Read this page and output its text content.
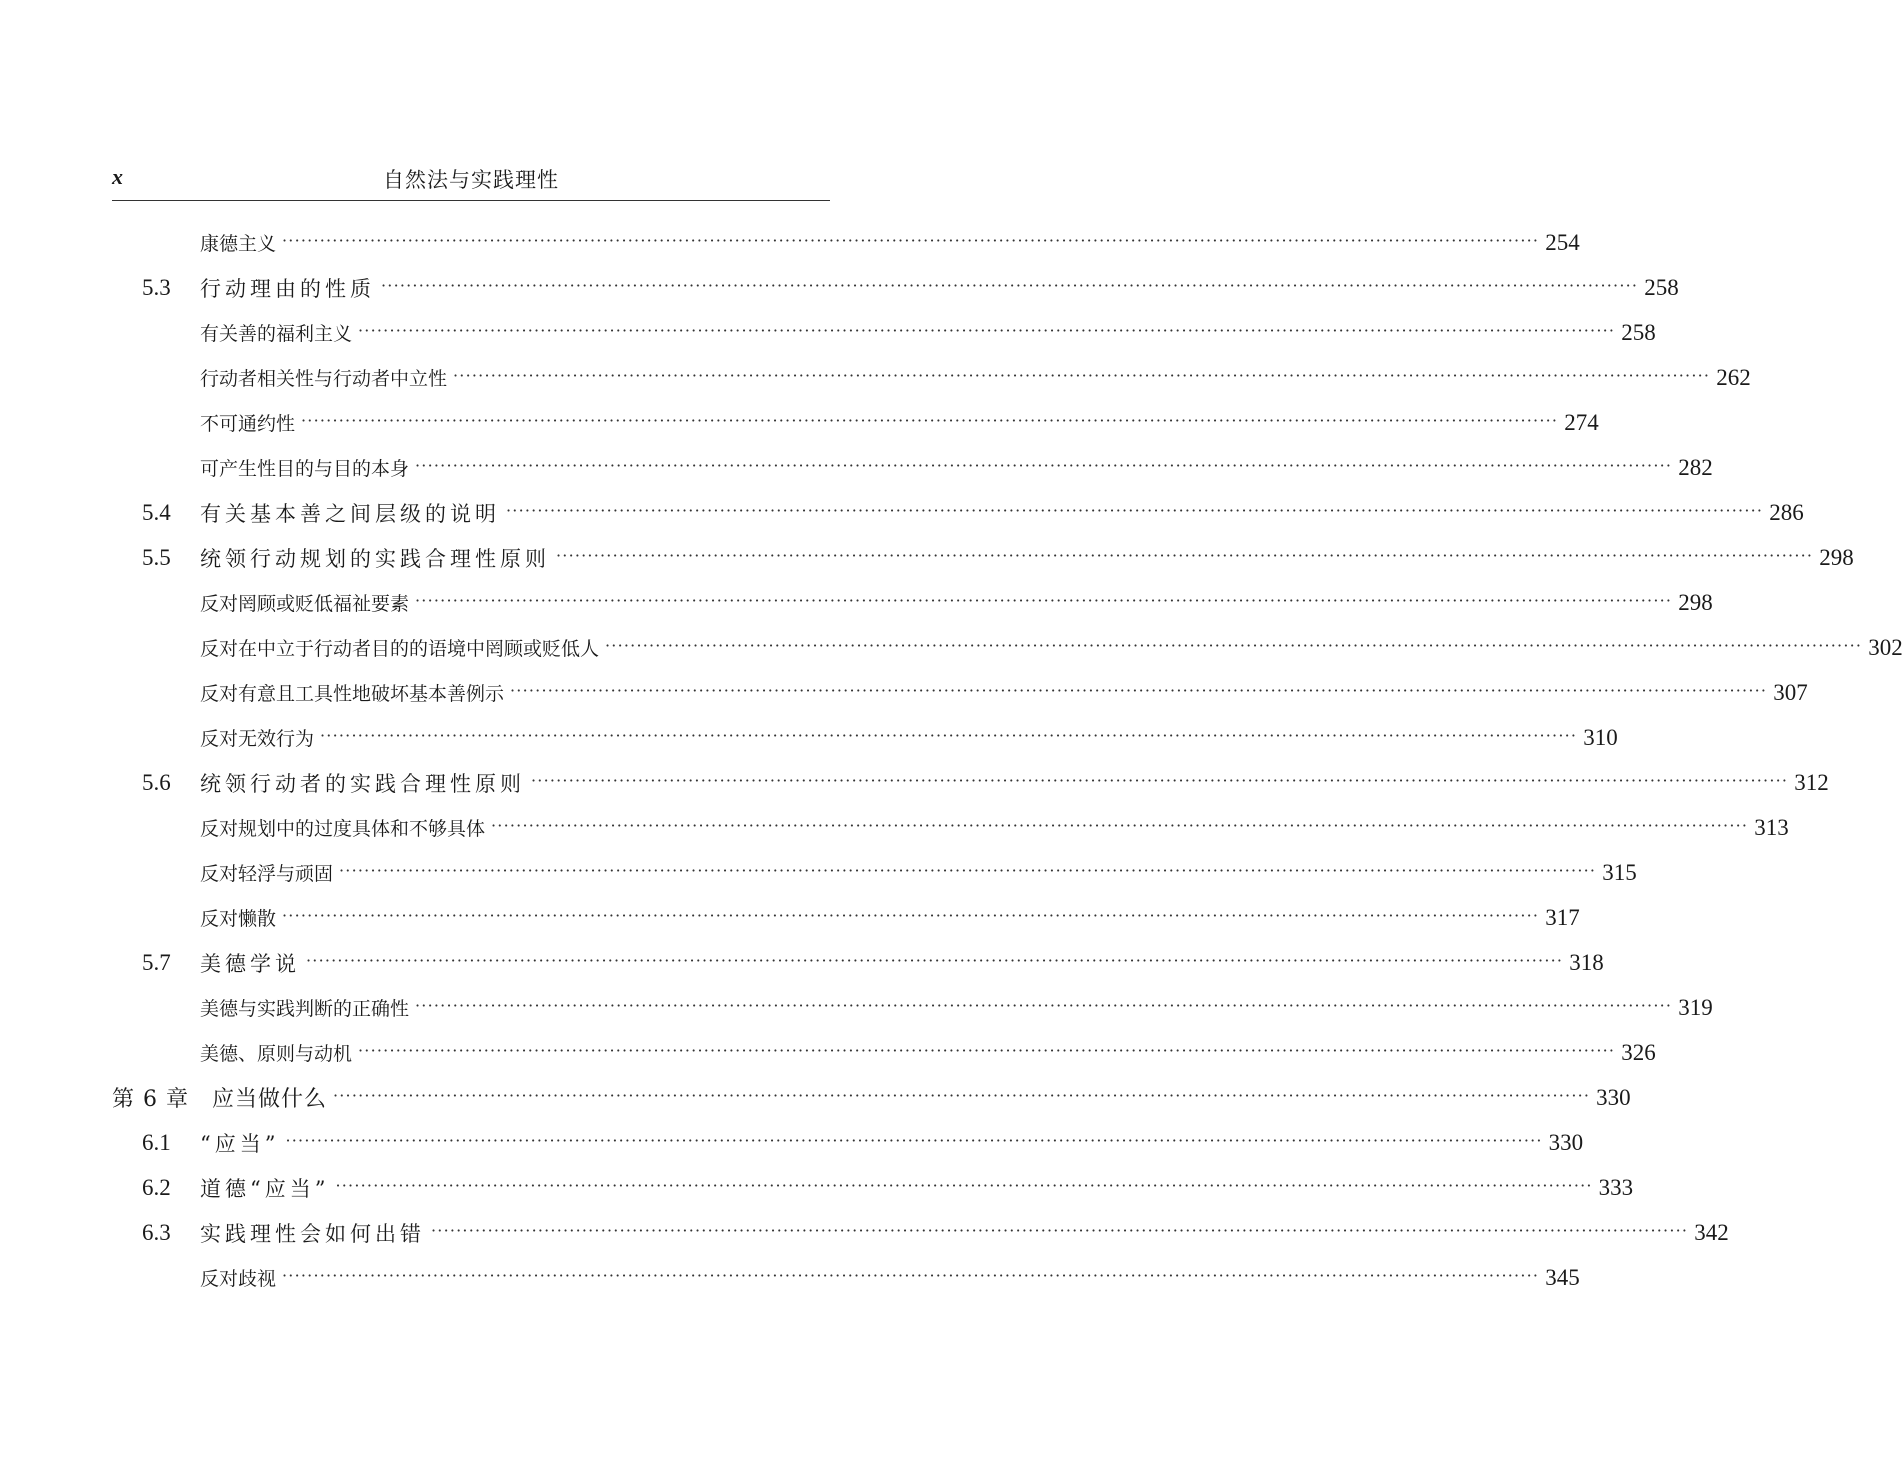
x	自然法与实践理性
康德主义 ········································································································································································································ 254
5.3 行动理由的性质 ········································································································································································································ 258
有关善的福利主义 ········································································································································································································ 258
行动者相关性与行动者中立性 ········································································································································································································ 262
不可通约性 ········································································································································································································ 274
可产生性目的与目的本身 ········································································································································································································ 282
5.4 有关基本善之间层级的说明 ········································································································································································································ 286
5.5 统领行动规划的实践合理性原则 ········································································································································································································ 298
反对罔顾或贬低福祉要素 ········································································································································································································ 298
反对在中立于行动者目的的语境中罔顾或贬低人 ········································································································································································································ 302
反对有意且工具性地破坏基本善例示 ········································································································································································································ 307
反对无效行为 ········································································································································································································ 310
5.6 统领行动者的实践合理性原则 ········································································································································································································ 312
反对规划中的过度具体和不够具体 ········································································································································································································ 313
反对轻浮与顽固 ········································································································································································································ 315
反对懒散 ········································································································································································································ 317
5.7 美德学说 ········································································································································································································ 318
美德与实践判断的正确性 ········································································································································································································ 319
美德、原则与动机 ········································································································································································································ 326
第 6 章　应当做什么 ········································································································································································································ 330
6.1 “应当” ········································································································································································································ 330
6.2 道德“应当” ········································································································································································································ 333
6.3 实践理性会如何出错 ········································································································································································································ 342
反对歧视 ········································································································································································································ 345
